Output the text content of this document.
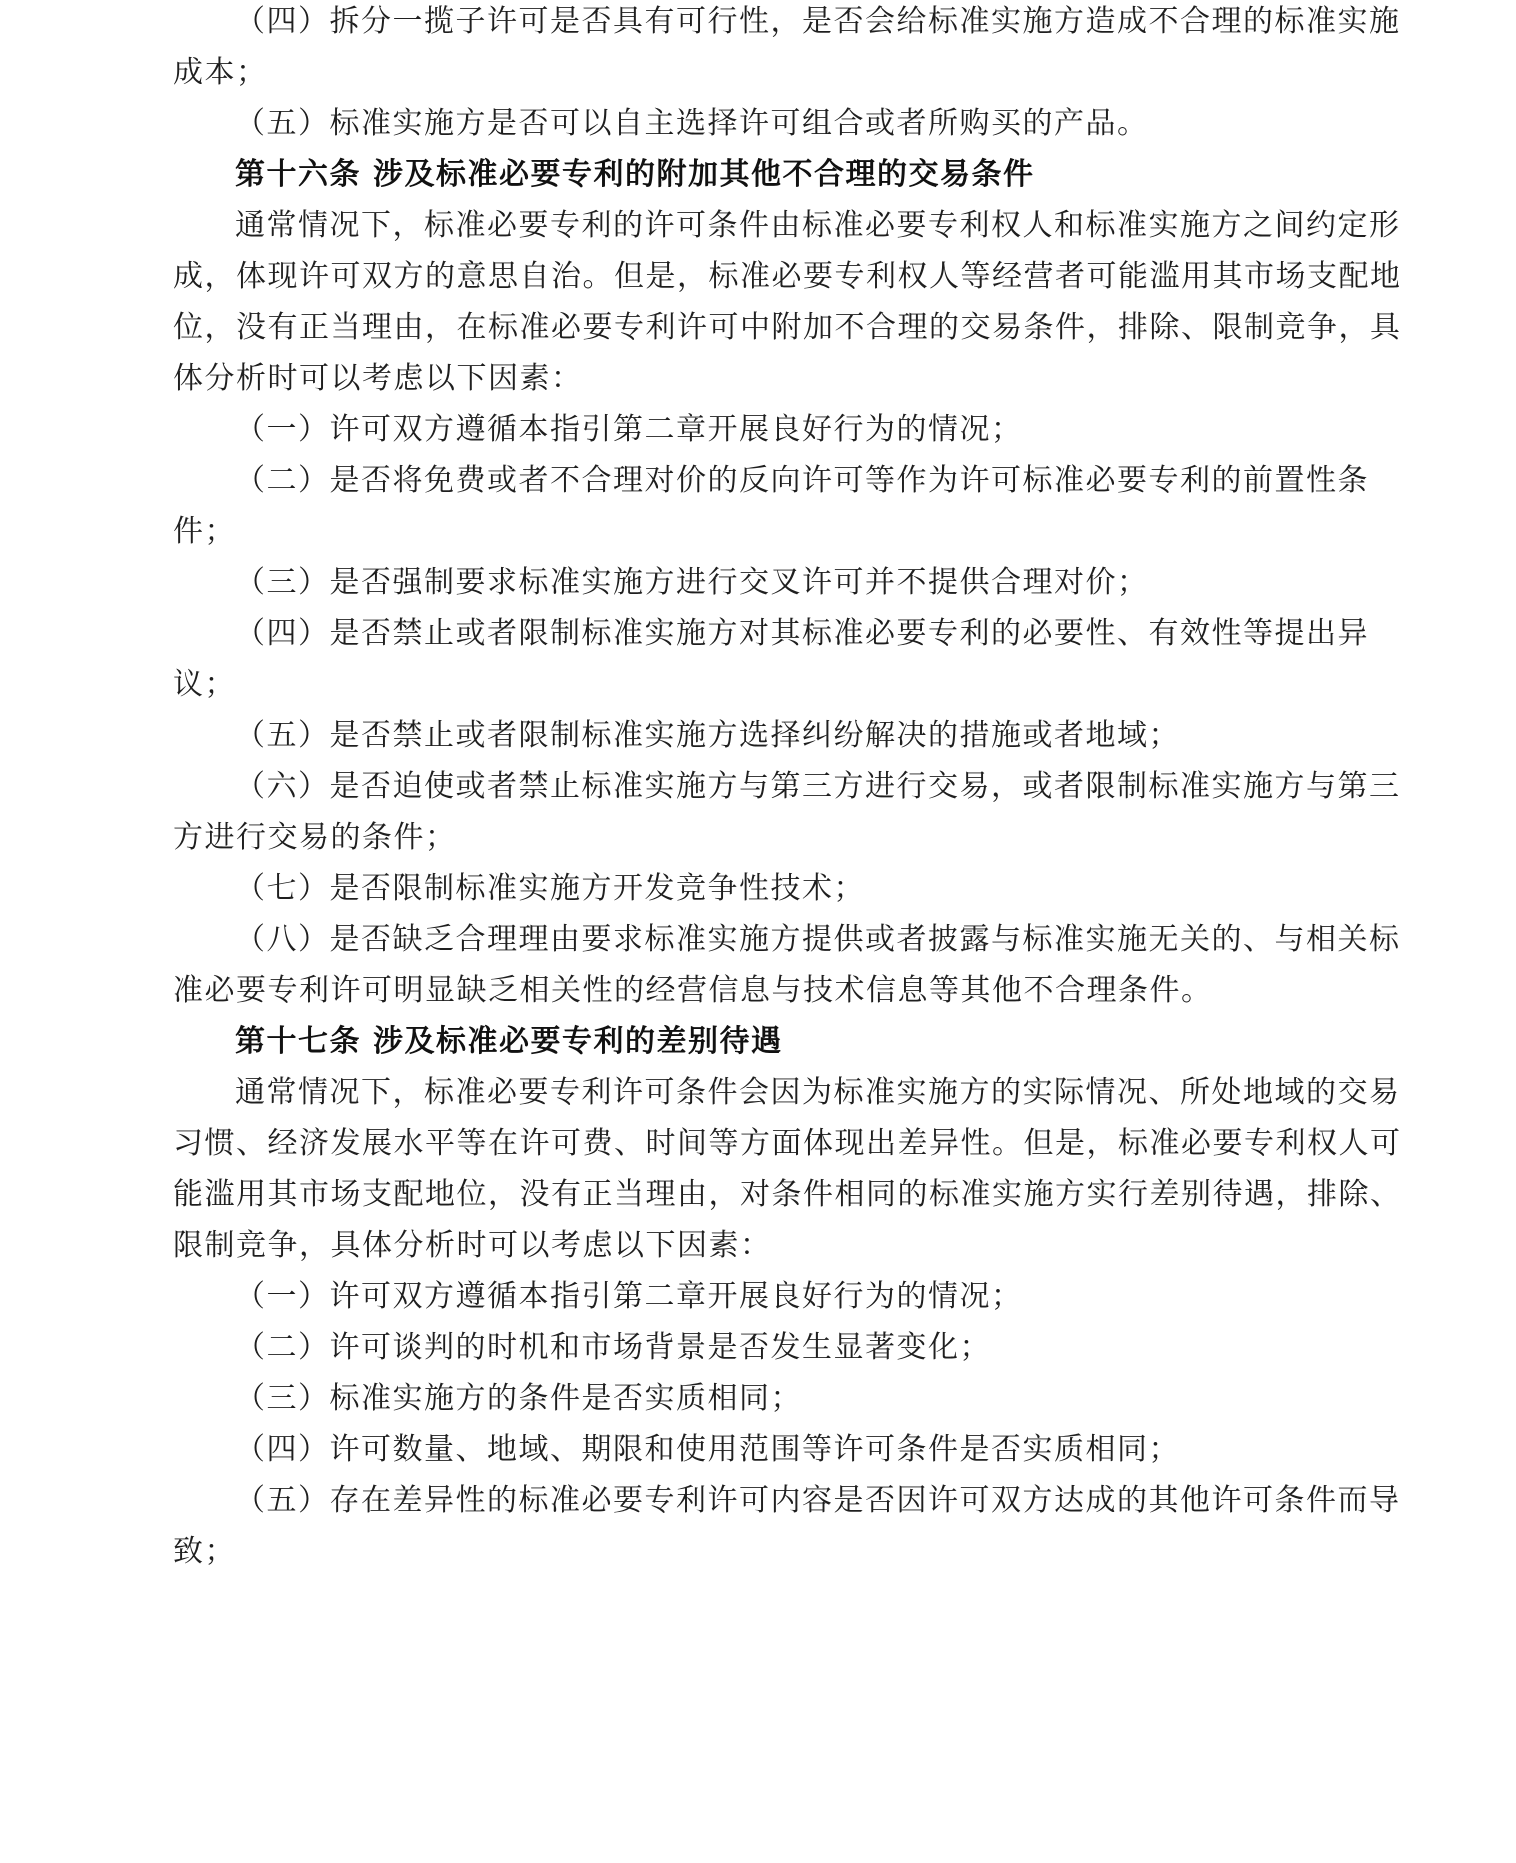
（四）拆分一揽子许可是否具有可行性，是否会给标准实施方造成不合理的标准实施
成本；
（五）标准实施方是否可以自主选择许可组合或者所购买的产品。
第十六条 涉及标准必要专利的附加其他不合理的交易条件
通常情况下，标准必要专利的许可条件由标准必要专利权人和标准实施方之间约定形
成，体现许可双方的意思自治。但是，标准必要专利权人等经营者可能滥用其市场支配地
位，没有正当理由，在标准必要专利许可中附加不合理的交易条件，排除、限制竞争，具
体分析时可以考虑以下因素：
（一）许可双方遵循本指引第二章开展良好行为的情况；
（二）是否将免费或者不合理对价的反向许可等作为许可标准必要专利的前置性条
件；
（三）是否强制要求标准实施方进行交叉许可并不提供合理对价；
（四）是否禁止或者限制标准实施方对其标准必要专利的必要性、有效性等提出异
议；
（五）是否禁止或者限制标准实施方选择纠纷解决的措施或者地域；
（六）是否迫使或者禁止标准实施方与第三方进行交易，或者限制标准实施方与第三
方进行交易的条件；
（七）是否限制标准实施方开发竞争性技术；
（八）是否缺乏合理理由要求标准实施方提供或者披露与标准实施无关的、与相关标
准必要专利许可明显缺乏相关性的经营信息与技术信息等其他不合理条件。
第十七条 涉及标准必要专利的差别待遇
通常情况下，标准必要专利许可条件会因为标准实施方的实际情况、所处地域的交易
习惯、经济发展水平等在许可费、时间等方面体现出差异性。但是，标准必要专利权人可
能滥用其市场支配地位，没有正当理由，对条件相同的标准实施方实行差别待遇，排除、
限制竞争，具体分析时可以考虑以下因素：
（一）许可双方遵循本指引第二章开展良好行为的情况；
（二）许可谈判的时机和市场背景是否发生显著变化；
（三）标准实施方的条件是否实质相同；
（四）许可数量、地域、期限和使用范围等许可条件是否实质相同；
（五）存在差异性的标准必要专利许可内容是否因许可双方达成的其他许可条件而导
致；
